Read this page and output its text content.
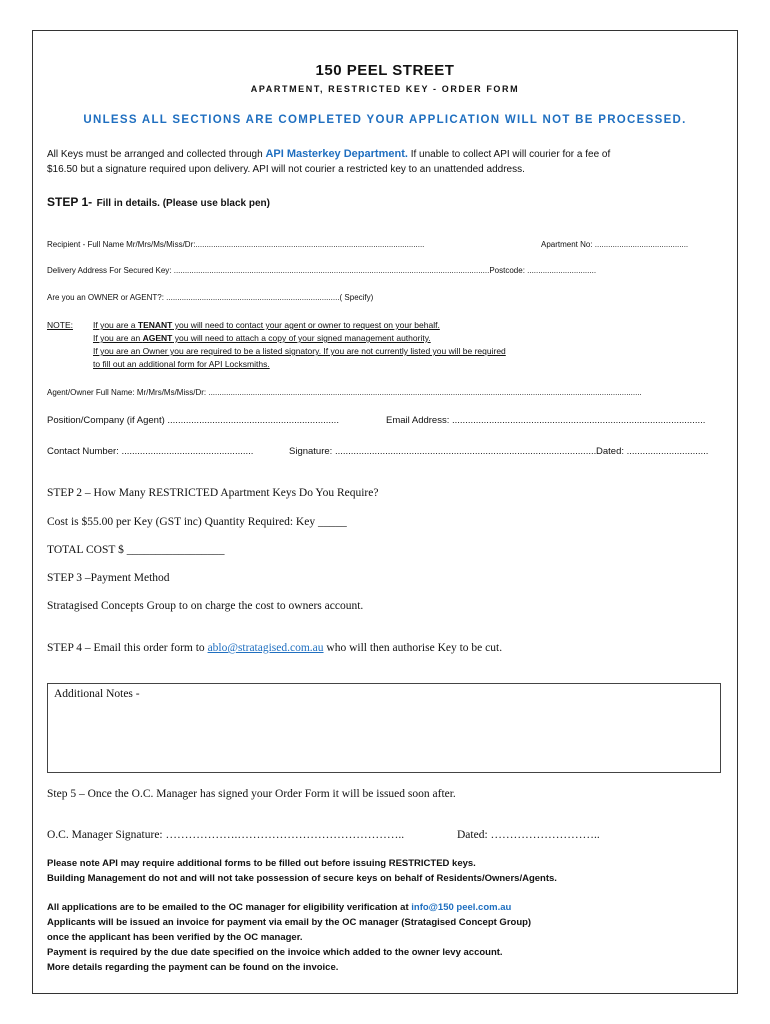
150 PEEL STREET
APARTMENT, RESTRICTED KEY - ORDER FORM
UNLESS ALL SECTIONS ARE COMPLETED YOUR APPLICATION WILL NOT BE PROCESSED.
All Keys must be arranged and collected through API Masterkey Department. If unable to collect API will courier for a fee of
$16.50 but a signature required upon delivery. API will not courier a restricted key to an unattended address.
STEP 1- Fill in details. (Please use black pen)
Recipient - Full Name Mr/Mrs/Ms/Miss/Dr:.......................................................................................................	Apartment No: ..........................................
Delivery Address For Secured Key: ..............................................................................................................................................Postcode: ...............................
Are you an OWNER or AGENT?: ..............................................................................( Specify)
NOTE: If you are a TENANT you will need to contact your agent or owner to request on your behalf.
If you are an AGENT you will need to attach a copy of your signed management authority.
If you are an Owner you are required to be a listed signatory. If you are not currently listed you will be required
to fill out an additional form for API Locksmiths.
Agent/Owner Full Name: Mr/Mrs/Ms/Miss/Dr: ...................................................................................................................................................................................................
Position/Company (if Agent) .................................................................	Email Address: ................................................................................................
Contact Number: ..................................................	Signature: ................................................................................................... Dated: ...............................
STEP 2 – How Many RESTRICTED Apartment Keys Do You Require?
Cost is $55.00 per Key (GST inc) Quantity Required: Key _____
TOTAL COST $ _________________
STEP 3 –Payment Method
Stratagised Concepts Group to on charge the cost to owners account.
STEP 4 – Email this order form to ablo@stratagised.com.au who will then authorise Key to be cut.
Additional Notes -
Step 5 – Once the O.C. Manager has signed your Order Form it will be issued soon after.
O.C. Manager Signature: ……………….……………………………………..	Dated: ………………………..
Please note API may require additional forms to be filled out before issuing RESTRICTED keys.
Building Management do not and will not take possession of secure keys on behalf of Residents/Owners/Agents.
All applications are to be emailed to the OC manager for eligibility verification at info@150 peel.com.au
Applicants will be issued an invoice for payment via email by the OC manager (Stratagised Concept Group)
once the applicant has been verified by the OC manager.
Payment is required by the due date specified on the invoice which added to the owner levy account.
More details regarding the payment can be found on the invoice.
